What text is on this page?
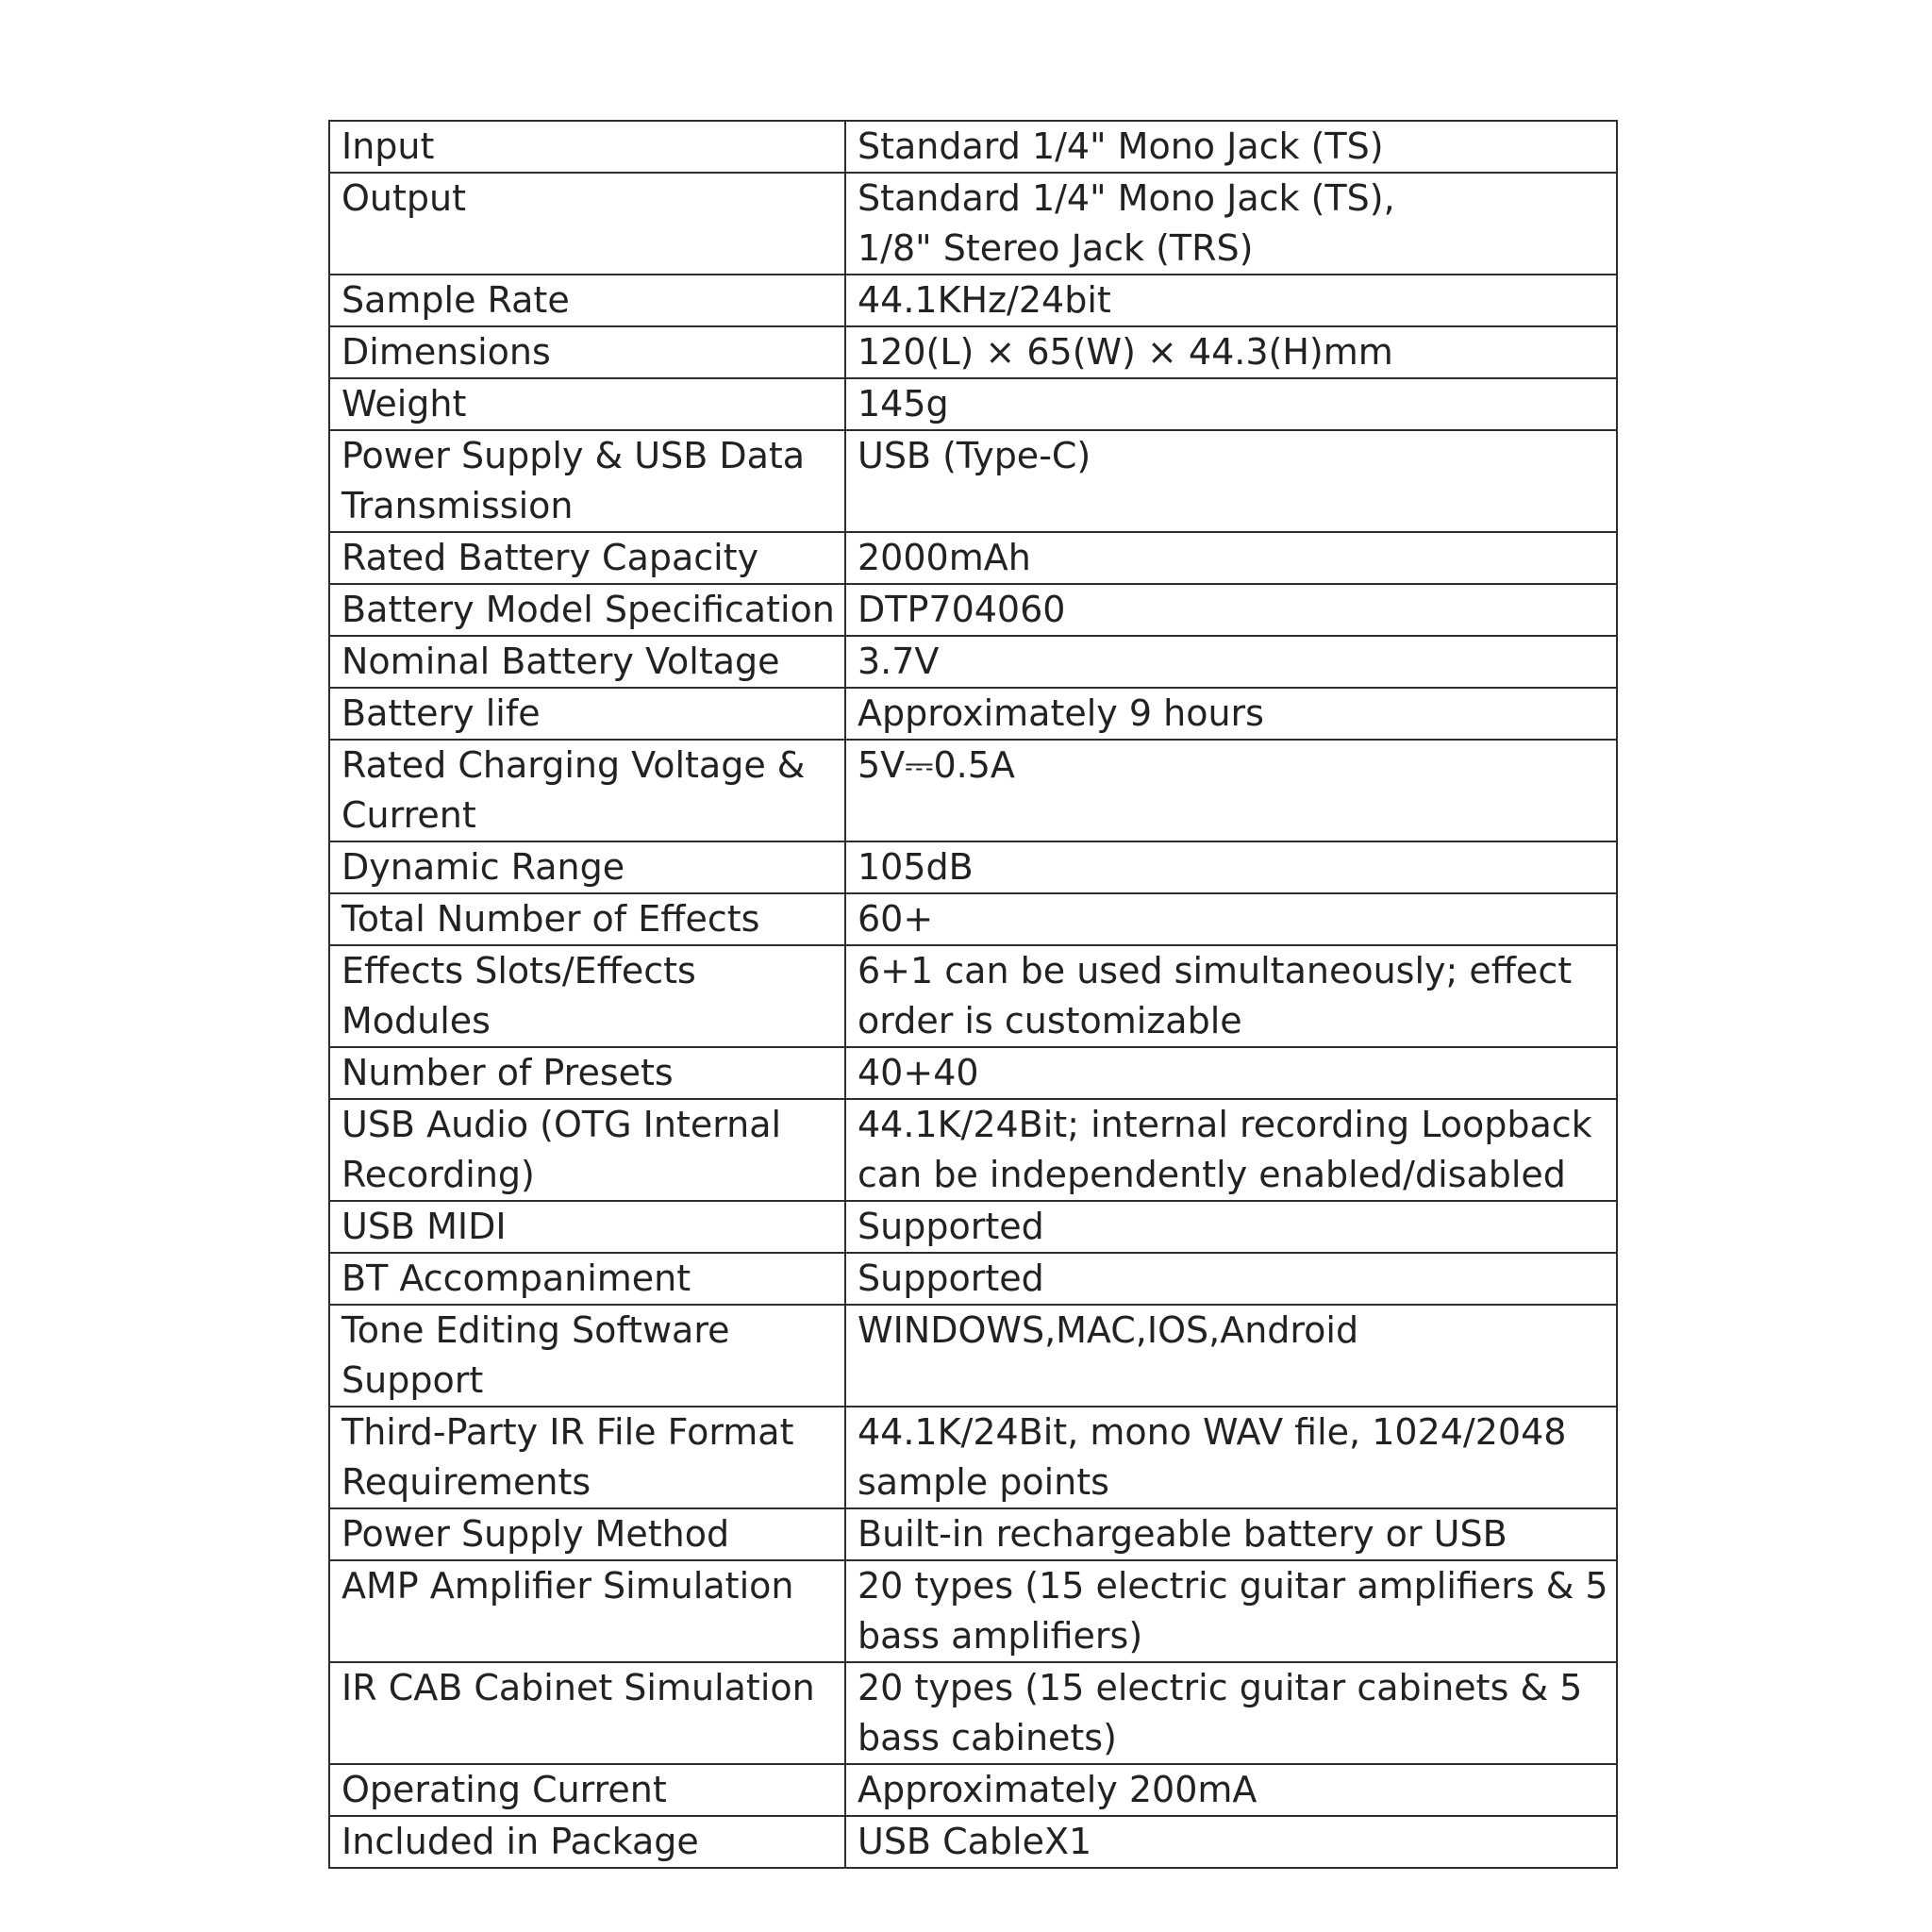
Input	Standard 1/4" Mono Jack (TS)

Output	Standard 1/4" Mono Jack (TS),
1/8" Stereo Jack (TRS)

Sample Rate	44.1KHz/24bit

Dimensions	120(L) × 65(W) × 44.3(H)mm

Weight	145g

Power Supply & USB Data
Transmission	USB (Type-C)

Rated Battery Capacity	2000mAh

Battery Model Specification	DTP704060

Nominal Battery Voltage	3.7V

Battery life	Approximately 9 hours

Rated Charging Voltage &
Current	5V⎓0.5A

Dynamic Range	105dB

Total Number of Effects	60+

Effects Slots/Effects
Modules	6+1 can be used simultaneously; effect
order is customizable

Number of Presets	40+40

USB Audio (OTG Internal
Recording)	44.1K/24Bit; internal recording Loopback
can be independently enabled/disabled

USB MIDI	Supported

BT Accompaniment	Supported

Tone Editing Software
Support	WINDOWS,MAC,IOS,Android

Third-Party IR File Format
Requirements	44.1K/24Bit, mono WAV file, 1024/2048
sample points

Power Supply Method	Built-in rechargeable battery or USB

AMP Amplifier Simulation	20 types (15 electric guitar amplifiers & 5
bass amplifiers)

IR CAB Cabinet Simulation	20 types (15 electric guitar cabinets & 5
bass cabinets)

Operating Current	Approximately 200mA

Included in Package	USB CableX1
